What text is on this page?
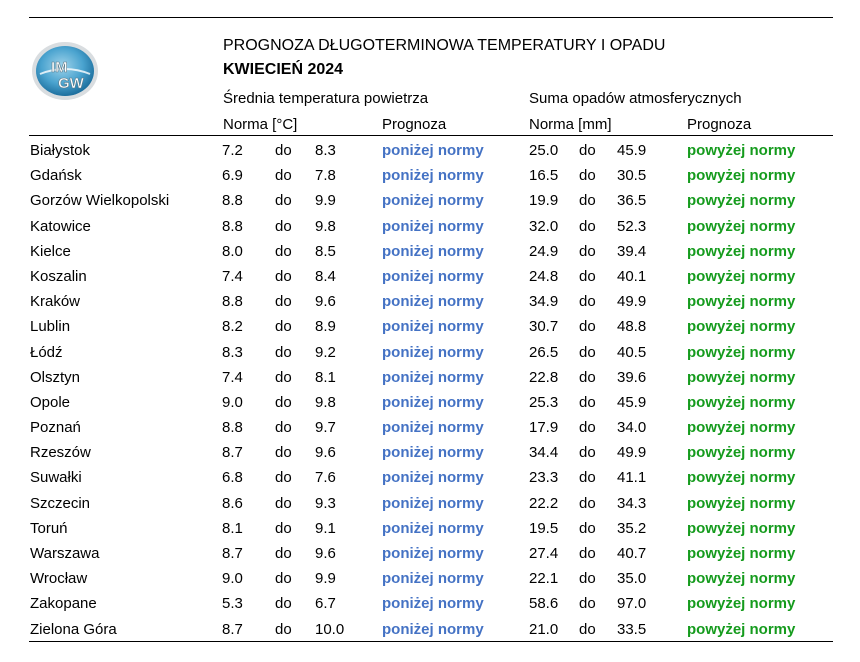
IM
GW
PROGNOZA DŁUGOTERMINOWA TEMPERATURY I OPADU
KWIECIEŃ 2024
Średnia temperatura powietrza	Suma opadów atmosferycznych
Norma [°C]	Prognoza	Norma [mm]	Prognoza
Białystok	7.2 do 8.3	poniżej normy	25.0 do 45.9	powyżej normy
Gdańsk	6.9 do 7.8	poniżej normy	16.5 do 30.5	powyżej normy
Gorzów Wielkopolski	8.8 do 9.9	poniżej normy	19.9 do 36.5	powyżej normy
Katowice	8.8 do 9.8	poniżej normy	32.0 do 52.3	powyżej normy
Kielce	8.0 do 8.5	poniżej normy	24.9 do 39.4	powyżej normy
Koszalin	7.4 do 8.4	poniżej normy	24.8 do 40.1	powyżej normy
Kraków	8.8 do 9.6	poniżej normy	34.9 do 49.9	powyżej normy
Lublin	8.2 do 8.9	poniżej normy	30.7 do 48.8	powyżej normy
Łódź	8.3 do 9.2	poniżej normy	26.5 do 40.5	powyżej normy
Olsztyn	7.4 do 8.1	poniżej normy	22.8 do 39.6	powyżej normy
Opole	9.0 do 9.8	poniżej normy	25.3 do 45.9	powyżej normy
Poznań	8.8 do 9.7	poniżej normy	17.9 do 34.0	powyżej normy
Rzeszów	8.7 do 9.6	poniżej normy	34.4 do 49.9	powyżej normy
Suwałki	6.8 do 7.6	poniżej normy	23.3 do 41.1	powyżej normy
Szczecin	8.6 do 9.3	poniżej normy	22.2 do 34.3	powyżej normy
Toruń	8.1 do 9.1	poniżej normy	19.5 do 35.2	powyżej normy
Warszawa	8.7 do 9.6	poniżej normy	27.4 do 40.7	powyżej normy
Wrocław	9.0 do 9.9	poniżej normy	22.1 do 35.0	powyżej normy
Zakopane	5.3 do 6.7	poniżej normy	58.6 do 97.0	powyżej normy
Zielona Góra	8.7 do 10.0	poniżej normy	21.0 do 33.5	powyżej normy
